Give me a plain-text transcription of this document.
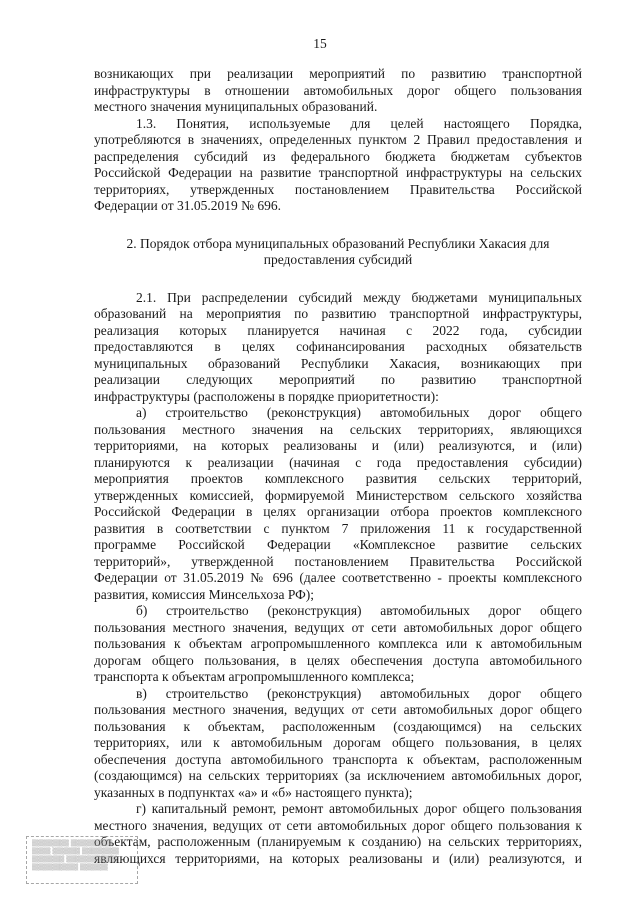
15
возникающих при реализации мероприятий по развитию транспортной
инфраструктуры в отношении автомобильных дорог общего пользования
местного значения муниципальных образований.
1.3. Понятия, используемые для целей настоящего Порядка,
употребляются в значениях, определенных пунктом 2 Правил предоставления и
распределения субсидий из федерального бюджета бюджетам субъектов
Российской Федерации на развитие транспортной инфраструктуры на сельских
территориях, утвержденных постановлением Правительства Российской
Федерации от 31.05.2019 № 696.
2. Порядок отбора муниципальных образований Республики Хакасия для
предоставления субсидий
2.1. При распределении субсидий между бюджетами муниципальных
образований на мероприятия по развитию транспортной инфраструктуры,
реализация которых планируется начиная с 2022 года, субсидии
предоставляются в целях софинансирования расходных обязательств
муниципальных образований Республики Хакасия, возникающих при
реализации следующих мероприятий по развитию транспортной
инфраструктуры (расположены в порядке приоритетности):
а) строительство (реконструкция) автомобильных дорог общего
пользования местного значения на сельских территориях, являющихся
территориями, на которых реализованы и (или) реализуются, и (или)
планируются к реализации (начиная с года предоставления субсидии)
мероприятия проектов комплексного развития сельских территорий,
утвержденных комиссией, формируемой Министерством сельского хозяйства
Российской Федерации в целях организации отбора проектов комплексного
развития в соответствии с пунктом 7 приложения 11 к государственной
программе Российской Федерации «Комплексное развитие сельских
территорий», утвержденной постановлением Правительства Российской
Федерации от 31.05.2019 № 696 (далее соответственно - проекты комплексного
развития, комиссия Минсельхоза РФ);
б) строительство (реконструкция) автомобильных дорог общего
пользования местного значения, ведущих от сети автомобильных дорог общего
пользования к объектам агропромышленного комплекса или к автомобильным
дорогам общего пользования, в целях обеспечения доступа автомобильного
транспорта к объектам агропромышленного комплекса;
в) строительство (реконструкция) автомобильных дорог общего
пользования местного значения, ведущих от сети автомобильных дорог общего
пользования к объектам, расположенным (создающимся) на сельских
территориях, или к автомобильным дорогам общего пользования, в целях
обеспечения доступа автомобильного транспорта к объектам, расположенным
(создающимся) на сельских территориях (за исключением автомобильных дорог,
указанных в подпунктах «а» и «б» настоящего пункта);
г) капитальный ремонт, ремонт автомобильных дорог общего пользования
местного значения, ведущих от сети автомобильных дорог общего пользования к
объектам, расположенным (планируемым к созданию) на сельских территориях,
являющихся территориями, на которых реализованы и (или) реализуются, и
▒▒▒▒▒▒▒▒ ▒▒▒▒▒▒▒▒▒
▒▒▒▒ ▒▒▒▒▒▒ ▒▒▒▒▒▒▒▒
▒▒▒▒▒▒▒ ▒▒▒▒▒▒▒▒▒▒▒
▒▒▒▒▒▒▒▒▒▒ ▒▒▒▒▒▒
